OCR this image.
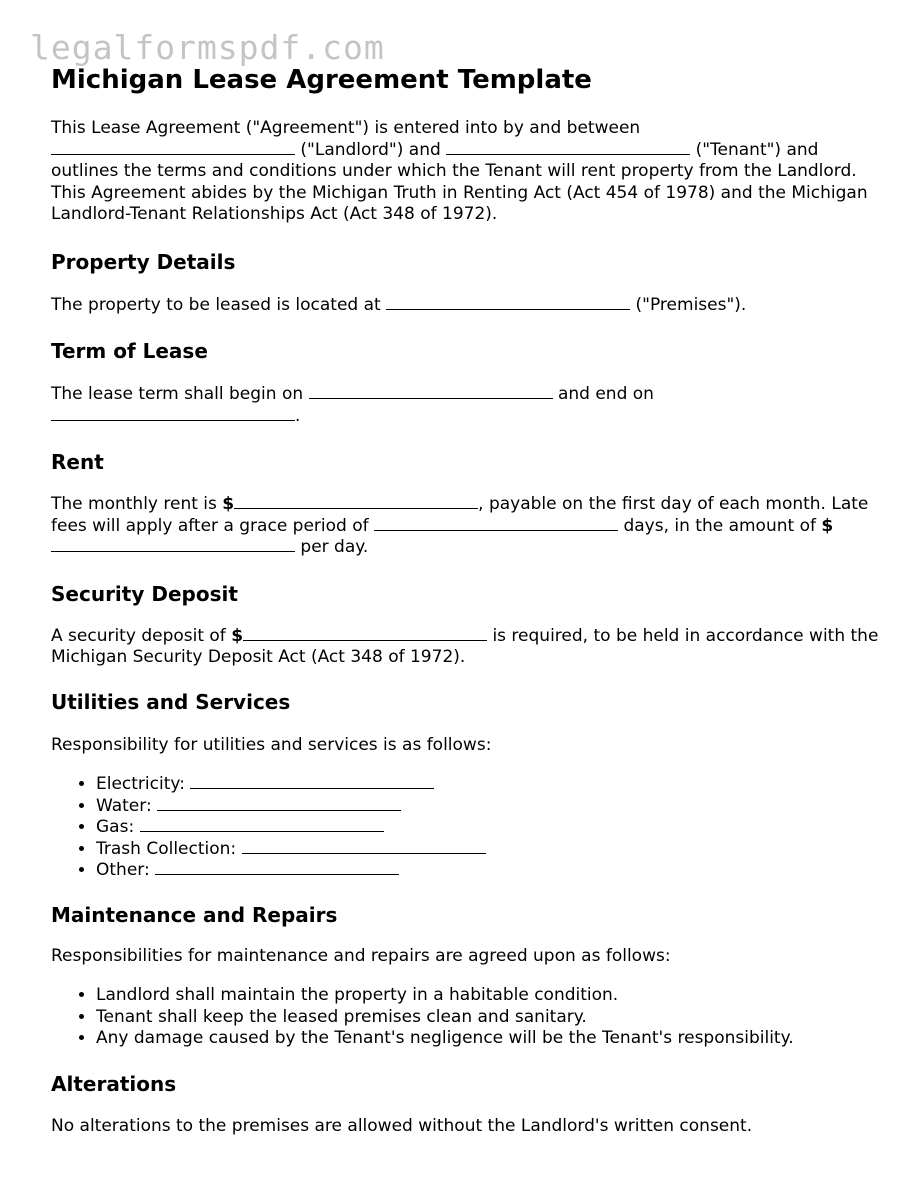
legalformspdf.com
Michigan Lease Agreement Template

This Lease Agreement ("Agreement") is entered into by and between  ("Landlord") and	("Tenant") and outlines the terms and conditions under which the Tenant will rent property from the Landlord. This Agreement abides by the Michigan Truth in Renting Act (Act 454 of 1978) and the Michigan Landlord-Tenant Relationships Act (Act 348 of 1972).

Property Details

The property to be leased is located at	("Premises").

Term of Lease

The lease term shall begin on	and end on .

Rent

The monthly rent is $	, payable on the first day of each month. Late fees will apply after a grace period of	days, in the amount of $ per day.

Security Deposit

A security deposit of $	is required, to be held in accordance with the Michigan Security Deposit Act (Act 348 of 1972).

Utilities and Services

Responsibility for utilities and services is as follows:

• Electricity:
• Water:
• Gas:
• Trash Collection:
• Other:
Maintenance and Repairs

Responsibilities for maintenance and repairs are agreed upon as follows:

• Landlord shall maintain the property in a habitable condition.
• Tenant shall keep the leased premises clean and sanitary.
• Any damage caused by the Tenant's negligence will be the Tenant's responsibility.
Alterations

No alterations to the premises are allowed without the Landlord's written consent.
